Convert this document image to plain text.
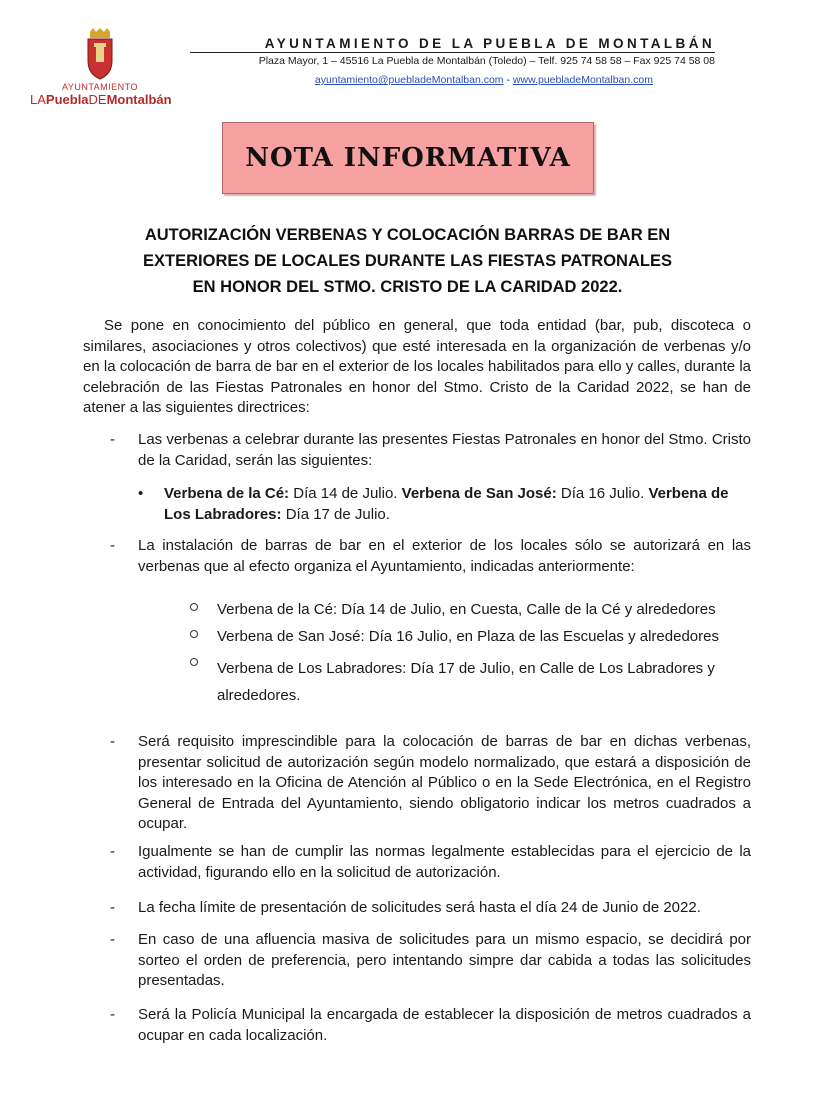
AYUNTAMIENTO
LAPueblaDEMontalbán
AYUNTAMIENTO DE LA PUEBLA DE MONTALBÁN
Plaza Mayor, 1 – 45516 La Puebla de Montalbán (Toledo) – Telf. 925 74 58 58 – Fax 925 74 58 08
ayuntamiento@puebladeMontalban.com - www.puebladeMontalban.com
NOTA INFORMATIVA
AUTORIZACIÓN VERBENAS Y COLOCACIÓN BARRAS DE BAR EN
EXTERIORES DE LOCALES DURANTE LAS FIESTAS PATRONALES
EN HONOR DEL STMO. CRISTO DE LA CARIDAD 2022.

Se pone en conocimiento del público en general, que toda entidad (bar, pub, discoteca o similares, asociaciones y otros colectivos) que esté interesada en la organización de verbenas y/o en la colocación de barra de bar en el exterior de los locales habilitados para ello y calles, durante la celebración de las Fiestas Patronales en honor del Stmo. Cristo de la Caridad 2022, se han de atener a las siguientes directrices:

- Las verbenas a celebrar durante las presentes Fiestas Patronales en honor del Stmo. Cristo de la Caridad, serán las siguientes:
• Verbena de la Cé: Día 14 de Julio. Verbena de San José: Día 16 Julio. Verbena de Los Labradores: Día 17 de Julio.
- La instalación de barras de bar en el exterior de los locales sólo se autorizará en las verbenas que al efecto organiza el Ayuntamiento, indicadas anteriormente:
Verbena de la Cé: Día 14 de Julio, en Cuesta, Calle de la Cé y alrededores
Verbena de San José: Día 16 Julio, en Plaza de las Escuelas y alrededores
Verbena de Los Labradores: Día 17 de Julio, en Calle de Los Labradores y alrededores.
- Será requisito imprescindible para la colocación de barras de bar en dichas verbenas, presentar solicitud de autorización según modelo normalizado, que estará a disposición de los interesado en la Oficina de Atención al Público o en la Sede Electrónica, en el Registro General de Entrada del Ayuntamiento, siendo obligatorio indicar los metros cuadrados a ocupar.
- Igualmente se han de cumplir las normas legalmente establecidas para el ejercicio de la actividad, figurando ello en la solicitud de autorización.
- La fecha límite de presentación de solicitudes será hasta el día 24 de Junio de 2022.
- En caso de una afluencia masiva de solicitudes para un mismo espacio, se decidirá por sorteo el orden de preferencia, pero intentando simpre dar cabida a todas las solicitudes presentadas.
- Será la Policía Municipal la encargada de establecer la disposición de metros cuadrados a ocupar en cada localización.
